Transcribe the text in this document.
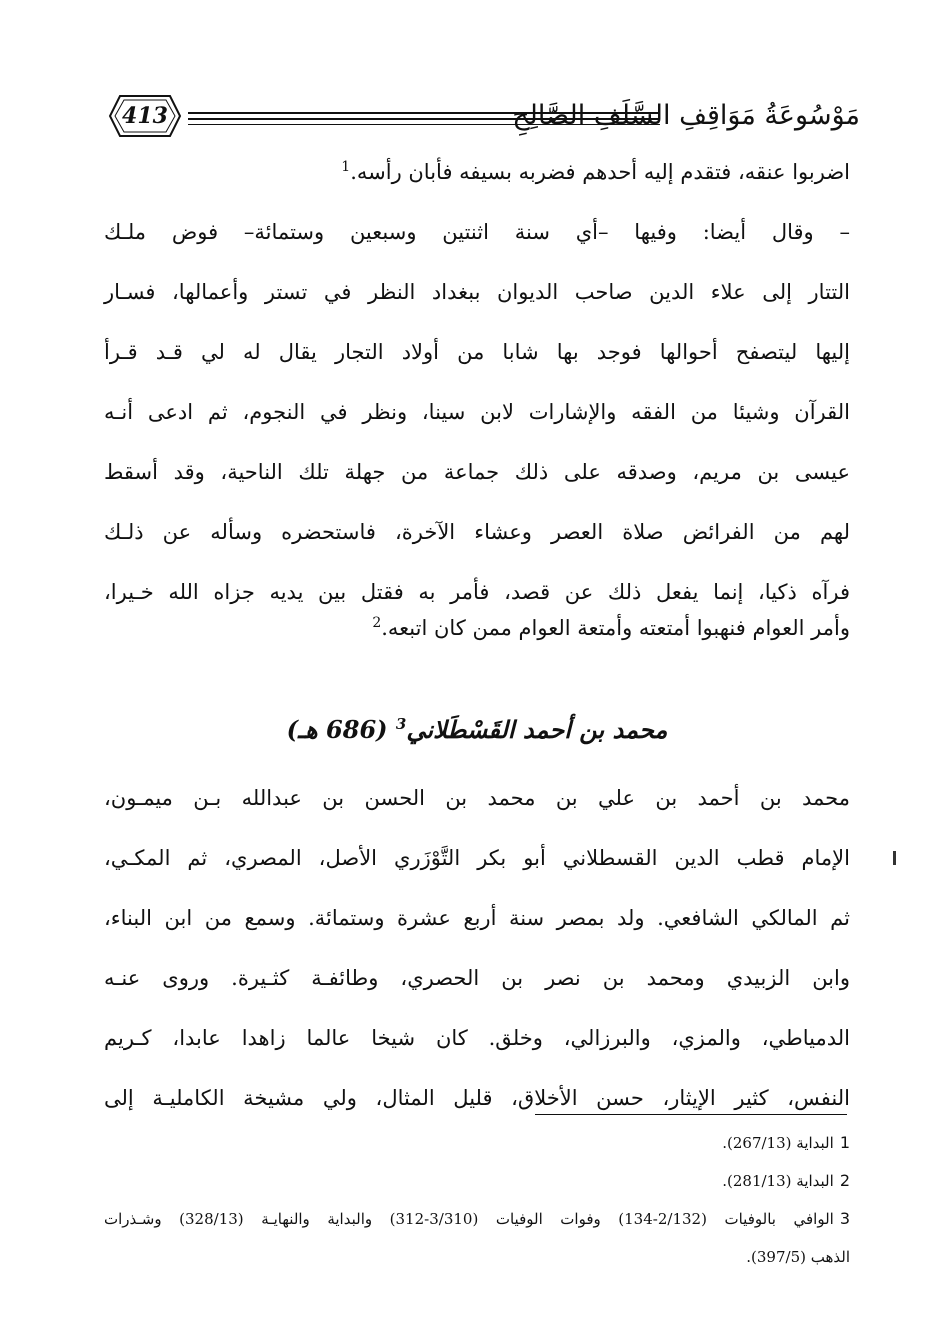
413	مَوْسُوعَةُ مَوَاقِفِ السَّلَفِ الصَّالِحِ
اضربوا عنقه، فتقدم إليه أحدهم فضربه بسيفه فأبان رأسه.$^1$
– وقال أيضا: وفيها –أي سنة اثنتين وسبعين وستمائة– فوض ملـك
التتار إلى علاء الدين صاحب الديوان ببغداد النظر في تستر وأعمالها، فسـار
إليها ليتصفح أحوالها فوجد بها شابا من أولاد التجار يقال له لي قـد قـرأ
القرآن وشيئا من الفقه والإشارات لابن سينا، ونظر في النجوم، ثم ادعى أنـه
عيسى بن مريم، وصدقه على ذلك جماعة من جهلة تلك الناحية، وقد أسقط
لهم من الفرائض صلاة العصر وعشاء الآخرة، فاستحضره وسأله عن ذلـك
فرآه ذكيا، إنما يفعل ذلك عن قصد، فأمر به فقتل بين يديه جزاه الله خـيرا،
وأمر العوام فنهبوا أمتعته وأمتعة العوام ممن كان اتبعه.$^2$
محمد بن أحمد القَسْطَلاني$^3$ (686 هـ)
محمد بن أحمد بن علي بن محمد بن الحسن بن عبدالله بـن ميمـون،
الإمام قطب الدين القسطلاني أبو بكر التَّوْزَري الأصل، المصري، ثم المكـي،
ثم المالكي الشافعي. ولد بمصر سنة أربع عشرة وستمائة. وسمع من ابن البناء،
وابن الزبيدي ومحمد بن نصر بن الحصري، وطائفـة كثـيرة. وروى عنـه
الدمياطي، والمزي، والبرزالي، وخلق. كان شيخا عالما زاهدا عابدا، كـريم
النفس، كثير الإيثار، حسن الأخلاق، قليل المثال، ولي مشيخة الكامليـة إلى
1البداية (267/13).
2البداية (281/13).
3الوافي بالوفيات (2/132-134) وفوات الوفيات (3/310-312) والبداية والنهايـة (328/13) وشـذرات
الذهب (397/5).
